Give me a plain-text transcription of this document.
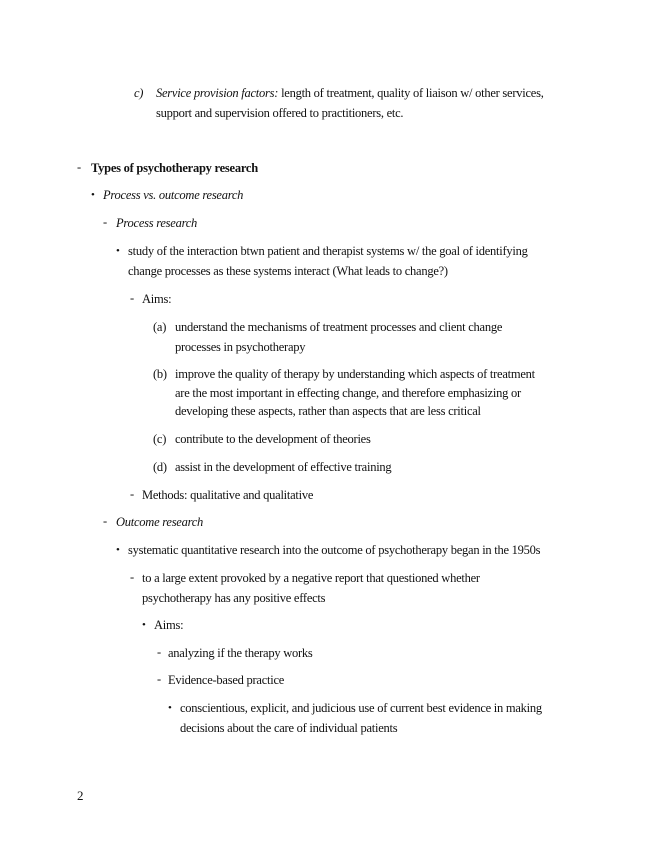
c) Service provision factors: length of treatment, quality of liaison w/ other services,
support and supervision offered to practitioners, etc.
- Types of psychotherapy research
• Process vs. outcome research
- Process research
• study of the interaction btwn patient and therapist systems w/ the goal of identifying
change processes as these systems interact (What leads to change?)
- Aims:
(a) understand the mechanisms of treatment processes and client change
processes in psychotherapy
(b) improve the quality of therapy by understanding which aspects of treatment
are the most important in effecting change, and therefore emphasizing or
developing these aspects, rather than aspects that are less critical
(c) contribute to the development of theories
(d) assist in the development of effective training
- Methods: qualitative and qualitative
- Outcome research
• systematic quantitative research into the outcome of psychotherapy began in the 1950s
- to a large extent provoked by a negative report that questioned whether
psychotherapy has any positive effects
• Aims:
- analyzing if the therapy works
- Evidence-based practice
• conscientious, explicit, and judicious use of current best evidence in making
decisions about the care of individual patients
2
